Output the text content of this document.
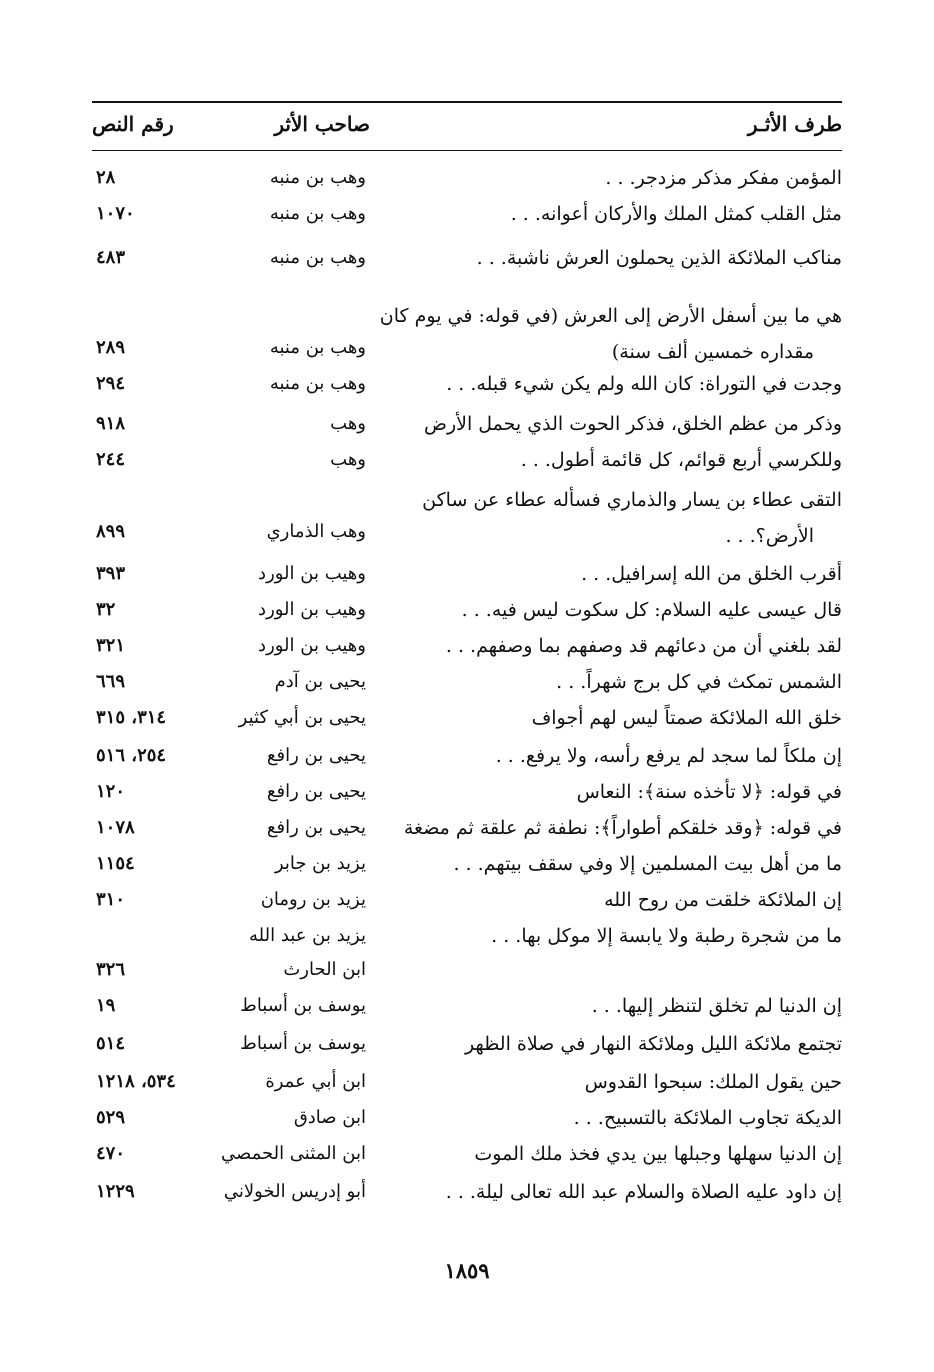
طرف الأثـر
صاحب الأثر
رقم النص
المؤمن مفكر مذكر مزدجر. . .
وهب بن منبه
٢٨
مثل القلب كمثل الملك والأركان أعوانه. . .
وهب بن منبه
١٠٧٠
مناكب الملائكة الذين يحملون العرش ناشبة. . .
وهب بن منبه
٤٨٣
هي ما بين أسفل الأرض إلى العرش (في قوله: في يوم كان
مقداره خمسين ألف سنة)
وهب بن منبه
٢٨٩
وجدت في التوراة: كان الله ولم يكن شيء قبله. . .
وهب بن منبه
٢٩٤
وذكر من عظم الخلق، فذكر الحوت الذي يحمل الأرض
وهب
٩١٨
وللكرسي أربع قوائم، كل قائمة أطول. . .
وهب
٢٤٤
التقى عطاء بن يسار والذماري فسأله عطاء عن ساكن
الأرض؟. . .
وهب الذماري
٨٩٩
أقرب الخلق من الله إسرافيل. . .
وهيب بن الورد
٣٩٣
قال عيسى عليه السلام: كل سكوت ليس فيه. . .
وهيب بن الورد
٣٢
لقد بلغني أن من دعائهم قد وصفهم بما وصفهم. . .
وهيب بن الورد
٣٢١
الشمس تمكث في كل برج شهراً. . .
يحيى بن آدم
٦٦٩
خلق الله الملائكة صمتاً ليس لهم أجواف
يحيى بن أبي كثير
٣١٤، ٣١٥
إن ملكاً لما سجد لم يرفع رأسه، ولا يرفع. . .
يحيى بن رافع
٢٥٤، ٥١٦
في قوله: ﴿لا تأخذه سنة﴾: النعاس
يحيى بن رافع
١٢٠
في قوله: ﴿وقد خلقكم أطواراً﴾: نطفة ثم علقة ثم مضغة
يحيى بن رافع
١٠٧٨
ما من أهل بيت المسلمين إلا وفي سقف بيتهم. . .
يزيد بن جابر
١١٥٤
إن الملائكة خلقت من روح الله
يزيد بن رومان
٣١٠
ما من شجرة رطبة ولا يابسة إلا موكل بها. . .
يزيد بن عبد الله
ابن الحارث
٣٢٦
إن الدنيا لم تخلق لتنظر إليها. . .
يوسف بن أسباط
١٩
تجتمع ملائكة الليل وملائكة النهار في صلاة الظهر
يوسف بن أسباط
٥١٤
حين يقول الملك: سبحوا القدوس
ابن أبي عمرة
٥٣٤، ١٢١٨
الديكة تجاوب الملائكة بالتسبيح. . .
ابن صادق
٥٢٩
إن الدنيا سهلها وجبلها بين يدي فخذ ملك الموت
ابن المثنى الحمصي
٤٧٠
إن داود عليه الصلاة والسلام عبد الله تعالى ليلة. . .
أبو إدريس الخولاني
١٢٢٩
١٨٥٩
